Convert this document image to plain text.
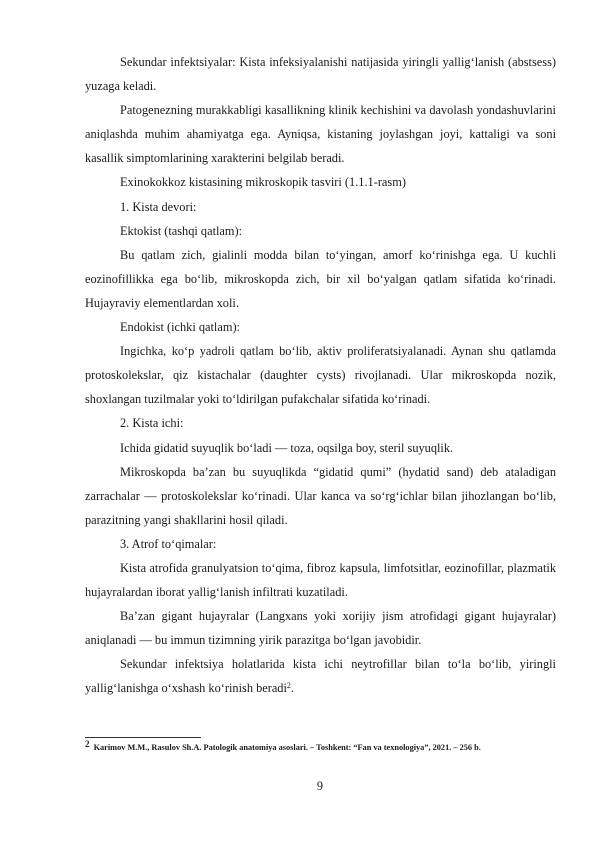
Sekundar infektsiyalar: Kista infeksiyalanishi natijasida yiringli yallig‘lanish (abstsess) yuzaga keladi.

Patogenezning murakkabligi kasallikning klinik kechishini va davolash yondashuvlarini aniqlashda muhim ahamiyatga ega. Ayniqsa, kistaning joylashgan joyi, kattaligi va soni kasallik simptomlarining xarakterini belgilab beradi.

Exinokokkoz kistasining mikroskopik tasviri (1.1.1-rasm)

1. Kista devori:

Ektokist (tashqi qatlam):

Bu qatlam zich, gialinli modda bilan to‘yingan, amorf ko‘rinishga ega. U kuchli eozinofillikka ega bo‘lib, mikroskopda zich, bir xil bo‘yalgan qatlam sifatida ko‘rinadi. Hujayraviy elementlardan xoli.

Endokist (ichki qatlam):

Ingichka, ko‘p yadroli qatlam bo‘lib, aktiv proliferatsiyalanadi. Aynan shu qatlamda protoskolekslar, qiz kistachalar (daughter cysts) rivojlanadi. Ular mikroskopda nozik, shoxlangan tuzilmalar yoki to‘ldirilgan pufakchalar sifatida ko‘rinadi.

2. Kista ichi:

Ichida gidatid suyuqlik bo‘ladi — toza, oqsilga boy, steril suyuqlik.

Mikroskopda ba’zan bu suyuqlikda “gidatid qumi” (hydatid sand) deb ataladigan zarrachalar — protoskolekslar ko‘rinadi. Ular kanca va so‘rg‘ichlar bilan jihozlangan bo‘lib, parazitning yangi shakllarini hosil qiladi.

3. Atrof to‘qimalar:

Kista atrofida granulyatsion to‘qima, fibroz kapsula, limfotsitlar, eozinofillar, plazmatik hujayralardan iborat yallig‘lanish infiltrati kuzatiladi.

Ba’zan gigant hujayralar (Langxans yoki xorijiy jism atrofidagi gigant hujayralar) aniqlanadi — bu immun tizimning yirik parazitga bo‘lgan javobidir.

Sekundar infektsiya holatlarida kista ichi neytrofillar bilan to‘la bo‘lib, yiringli yallig‘lanishga o‘xshash ko‘rinish beradi$^2$.

2 Karimov M.M., Rasulov Sh.A. Patologik anatomiya asoslari. – Toshkent: “Fan va texnologiya”, 2021. – 256 b.
9
